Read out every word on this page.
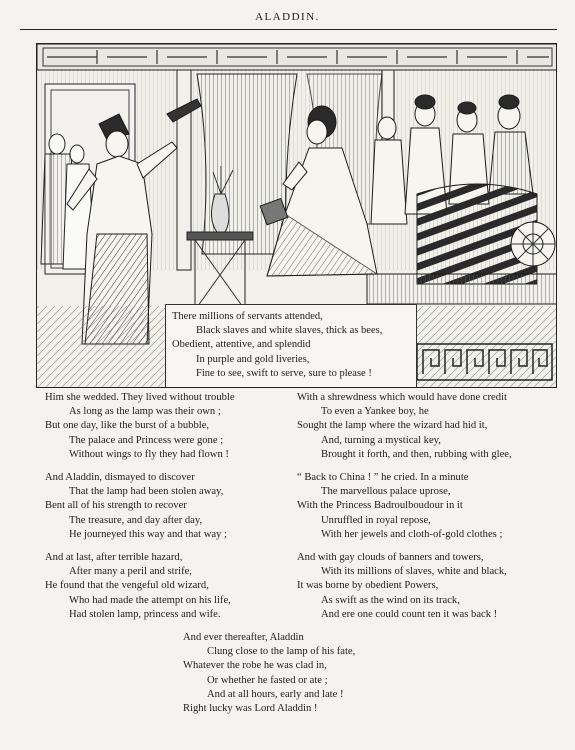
ALADDIN.
There millions of servants attended,
Black slaves and white slaves, thick as bees,
Obedient, attentive, and splendid
In purple and gold liveries,
Fine to see, swift to serve, sure to please !
Him she wedded. They lived without trouble
As long as the lamp was their own ;
But one day, like the burst of a bubble,
The palace and Princess were gone ;
Without wings to fly they had flown !
And Aladdin, dismayed to discover
That the lamp had been stolen away,
Bent all of his strength to recover
The treasure, and day after day,
He journeyed this way and that way ;
And at last, after terrible hazard,
After many a peril and strife,
He found that the vengeful old wizard,
Who had made the attempt on his life,
Had stolen lamp, princess and wife.
With a shrewdness which would have done credit
To even a Yankee boy, he
Sought the lamp where the wizard had hid it,
And, turning a mystical key,
Brought it forth, and then, rubbing with glee,
“ Back to China ! ” he cried. In a minute
The marvellous palace uprose,
With the Princess Badroulboudour in it
Unruffled in royal repose,
With her jewels and cloth-of-gold clothes ;
And with gay clouds of banners and towers,
With its millions of slaves, white and black,
It was borne by obedient Powers,
As swift as the wind on its track,
And ere one could count ten it was back !
And ever thereafter, Aladdin
Clung close to the lamp of his fate,
Whatever the robe he was clad in,
Or whether he fasted or ate ;
And at all hours, early and late !
Right lucky was Lord Aladdin !
